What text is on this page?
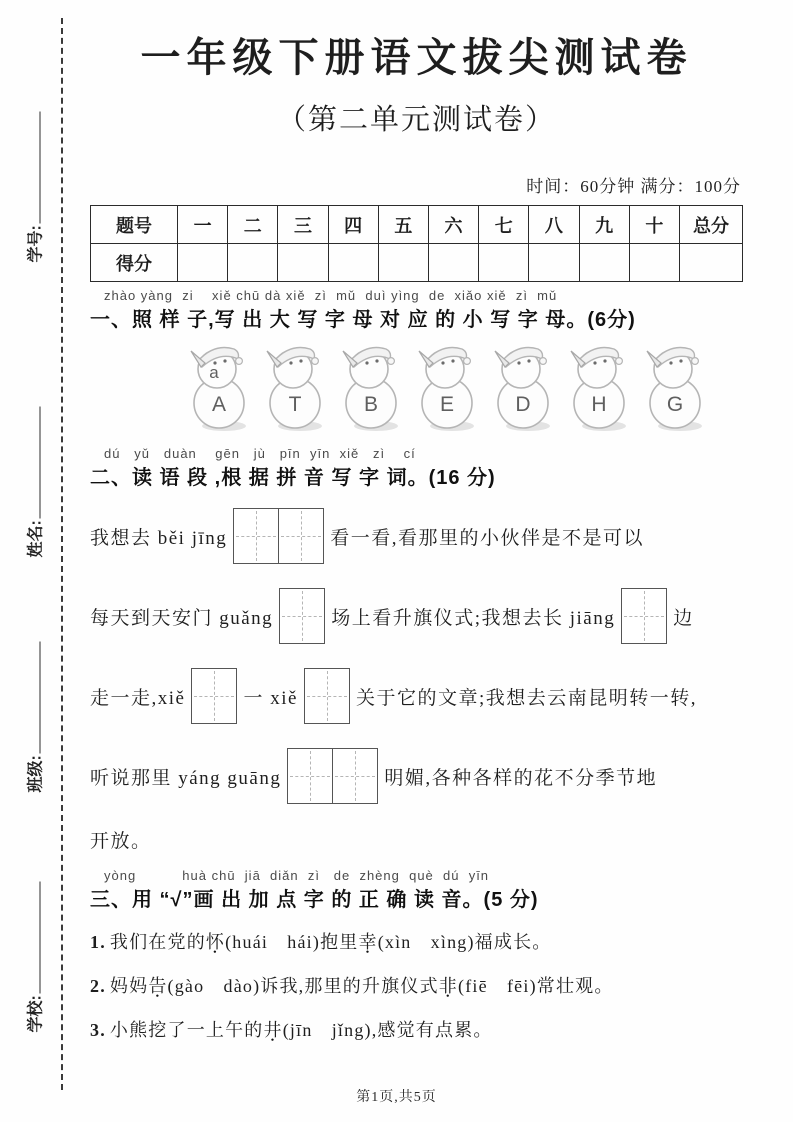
学号:
姓名:
班级:
学校:
一年级下册语文拔尖测试卷
（第二单元测试卷）
时间：60分钟 满分：100分
题号	一	二	三	四	五	六	七	八	九	十	总分
得分											
zhào yàng  zi    xiě chū dà xiě  zì  mǔ  duì yìng  de  xiǎo xiě  zì  mǔ
一、照 样 子,写 出 大 写 字 母 对 应 的 小 写 字 母。(6分)
A
a
T	B	E	D	H	G
dú   yǔ   duàn    gēn   jù   pīn  yīn  xiě   zì    cí
二、读 语 段 ,根 据 拼 音 写 字 词。(16 分)
我想去 běi jīng	看一看,看那里的小伙伴是不是可以
每天到天安门 guǎng	场上看升旗仪式;我想去长 jiāng	边
走一走,xiě	一 xiě	关于它的文章;我想去云南昆明转一转,
听说那里 yáng guāng	明媚,各种各样的花不分季节地
开放。
yòng          huà chū  jiā  diǎn  zì   de  zhèng  què  dú  yīn
三、用 “√”画 出 加 点 字 的 正 确 读 音。(5 分)
1. 我们在党的怀(huái　hái)抱里幸(xìn　xìng)福成长。
2. 妈妈告(gào　dào)诉我,那里的升旗仪式非(fiē　fēi)常壮观。
3. 小熊挖了一上午的井(jīn　jǐng),感觉有点累。
第1页,共5页
